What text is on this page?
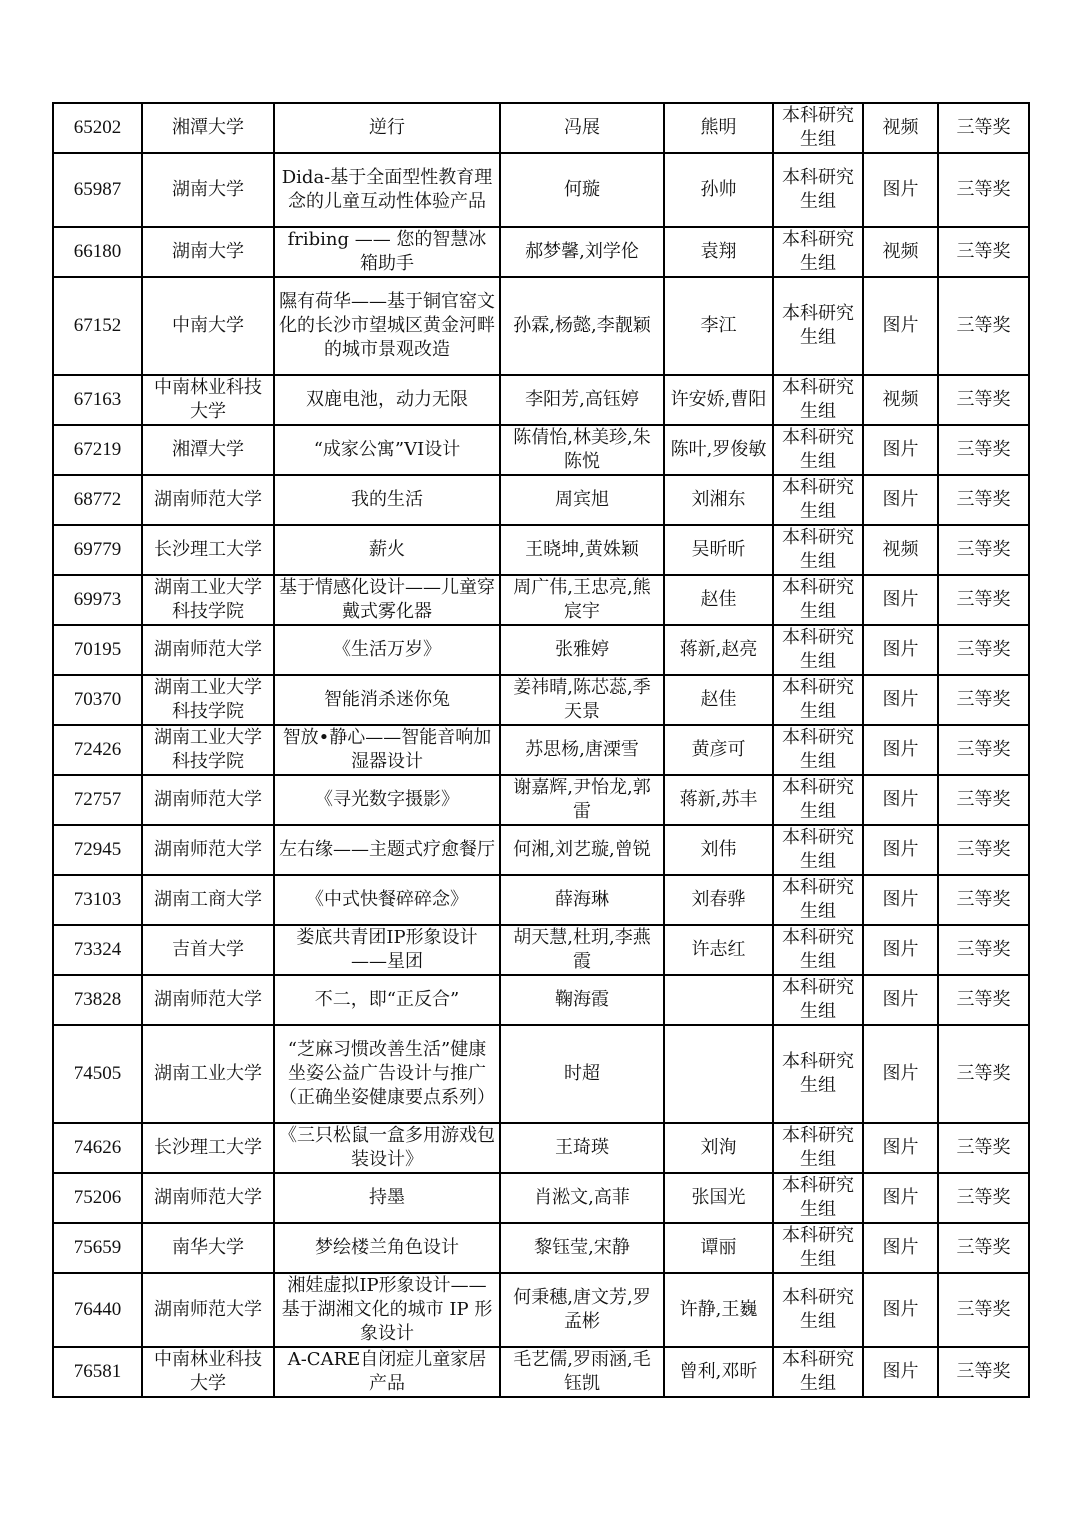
65202	湘潭大学	逆行	冯展	熊明	本科研究生组	视频	三等奖
65987	湖南大学	Dida-基于全面型性教育理念的儿童互动性体验产品	何璇	孙帅	本科研究生组	图片	三等奖
66180	湖南大学	fribing —— 您的智慧冰箱助手	郝梦馨,刘学伦	袁翔	本科研究生组	视频	三等奖
67152	中南大学	隰有荷华——基于铜官窑文化的长沙市望城区黄金河畔的城市景观改造	孙霖,杨懿,李靓颖	李江	本科研究生组	图片	三等奖
67163	中南林业科技大学	双鹿电池，动力无限	李阳芳,高钰婷	许安娇,曹阳	本科研究生组	视频	三等奖
67219	湘潭大学	“成家公寓”VI设计	陈倩怡,林美珍,朱陈悦	陈叶,罗俊敏	本科研究生组	图片	三等奖
68772	湖南师范大学	我的生活	周宾旭	刘湘东	本科研究生组	图片	三等奖
69779	长沙理工大学	薪火	王晓坤,黄姝颖	吴昕昕	本科研究生组	视频	三等奖
69973	湖南工业大学科技学院	基于情感化设计——儿童穿戴式雾化器	周广伟,王忠亮,熊宸宇	赵佳	本科研究生组	图片	三等奖
70195	湖南师范大学	《生活万岁》	张雅婷	蒋新,赵亮	本科研究生组	图片	三等奖
70370	湖南工业大学科技学院	智能消杀迷你兔	姜祎晴,陈芯蕊,季天景	赵佳	本科研究生组	图片	三等奖
72426	湖南工业大学科技学院	智放•静心——智能音响加湿器设计	苏思杨,唐溧雪	黄彦可	本科研究生组	图片	三等奖
72757	湖南师范大学	《寻光数字摄影》	谢嘉辉,尹怡龙,郭雷	蒋新,苏丰	本科研究生组	图片	三等奖
72945	湖南师范大学	左右缘——主题式疗愈餐厅	何湘,刘艺璇,曾锐	刘伟	本科研究生组	图片	三等奖
73103	湖南工商大学	《中式快餐碎碎念》	薛海琳	刘春骅	本科研究生组	图片	三等奖
73324	吉首大学	娄底共青团IP形象设计——星团	胡天慧,杜玥,李燕霞	许志红	本科研究生组	图片	三等奖
73828	湖南师范大学	不二，即“正反合”	鞠海霞		本科研究生组	图片	三等奖
74505	湖南工业大学	“芝麻习惯改善生活”健康坐姿公益广告设计与推广（正确坐姿健康要点系列）	时超		本科研究生组	图片	三等奖
74626	长沙理工大学	《三只松鼠一盒多用游戏包装设计》	王琦瑛	刘洵	本科研究生组	图片	三等奖
75206	湖南师范大学	持墨	肖淞文,高菲	张国光	本科研究生组	图片	三等奖
75659	南华大学	梦绘楼兰角色设计	黎钰莹,宋静	谭丽	本科研究生组	图片	三等奖
76440	湖南师范大学	湘娃虚拟IP形象设计——基于湖湘文化的城市 IP 形象设计	何秉穗,唐文芳,罗孟彬	许静,王巍	本科研究生组	图片	三等奖
76581	中南林业科技大学	A-CARE自闭症儿童家居产品	毛艺儒,罗雨涵,毛钰凯	曾利,邓昕	本科研究生组	图片	三等奖
